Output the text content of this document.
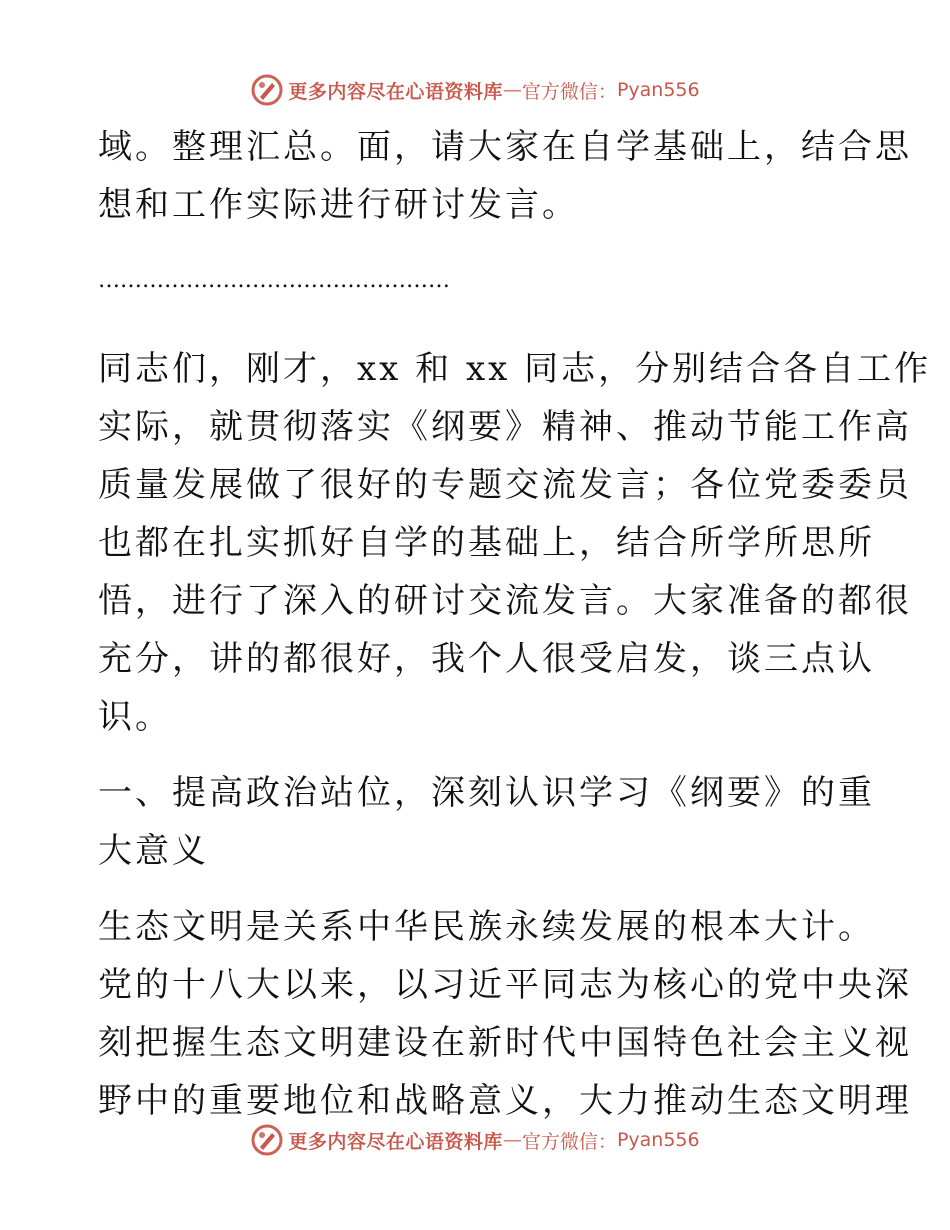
更多内容尽在心语资料库 — 官方微信： Pyan556
域。整理汇总。面，请大家在自学基础上，结合思
想和工作实际进行研讨发言。
…………………………………………
同志们，刚才，xx 和 xx 同志，分别结合各自工作
实际，就贯彻落实《纲要》精神、推动节能工作高
质量发展做了很好的专题交流发言；各位党委委员
也都在扎实抓好自学的基础上，结合所学所思所
悟，进行了深入的研讨交流发言。大家准备的都很
充分，讲的都很好，我个人很受启发，谈三点认
识。
一、提高政治站位，深刻认识学习《纲要》的重
大意义
生态文明是关系中华民族永续发展的根本大计。
党的十八大以来，以习近平同志为核心的党中央深
刻把握生态文明建设在新时代中国特色社会主义视
野中的重要地位和战略意义，大力推动生态文明理
更多内容尽在心语资料库 — 官方微信： Pyan556
